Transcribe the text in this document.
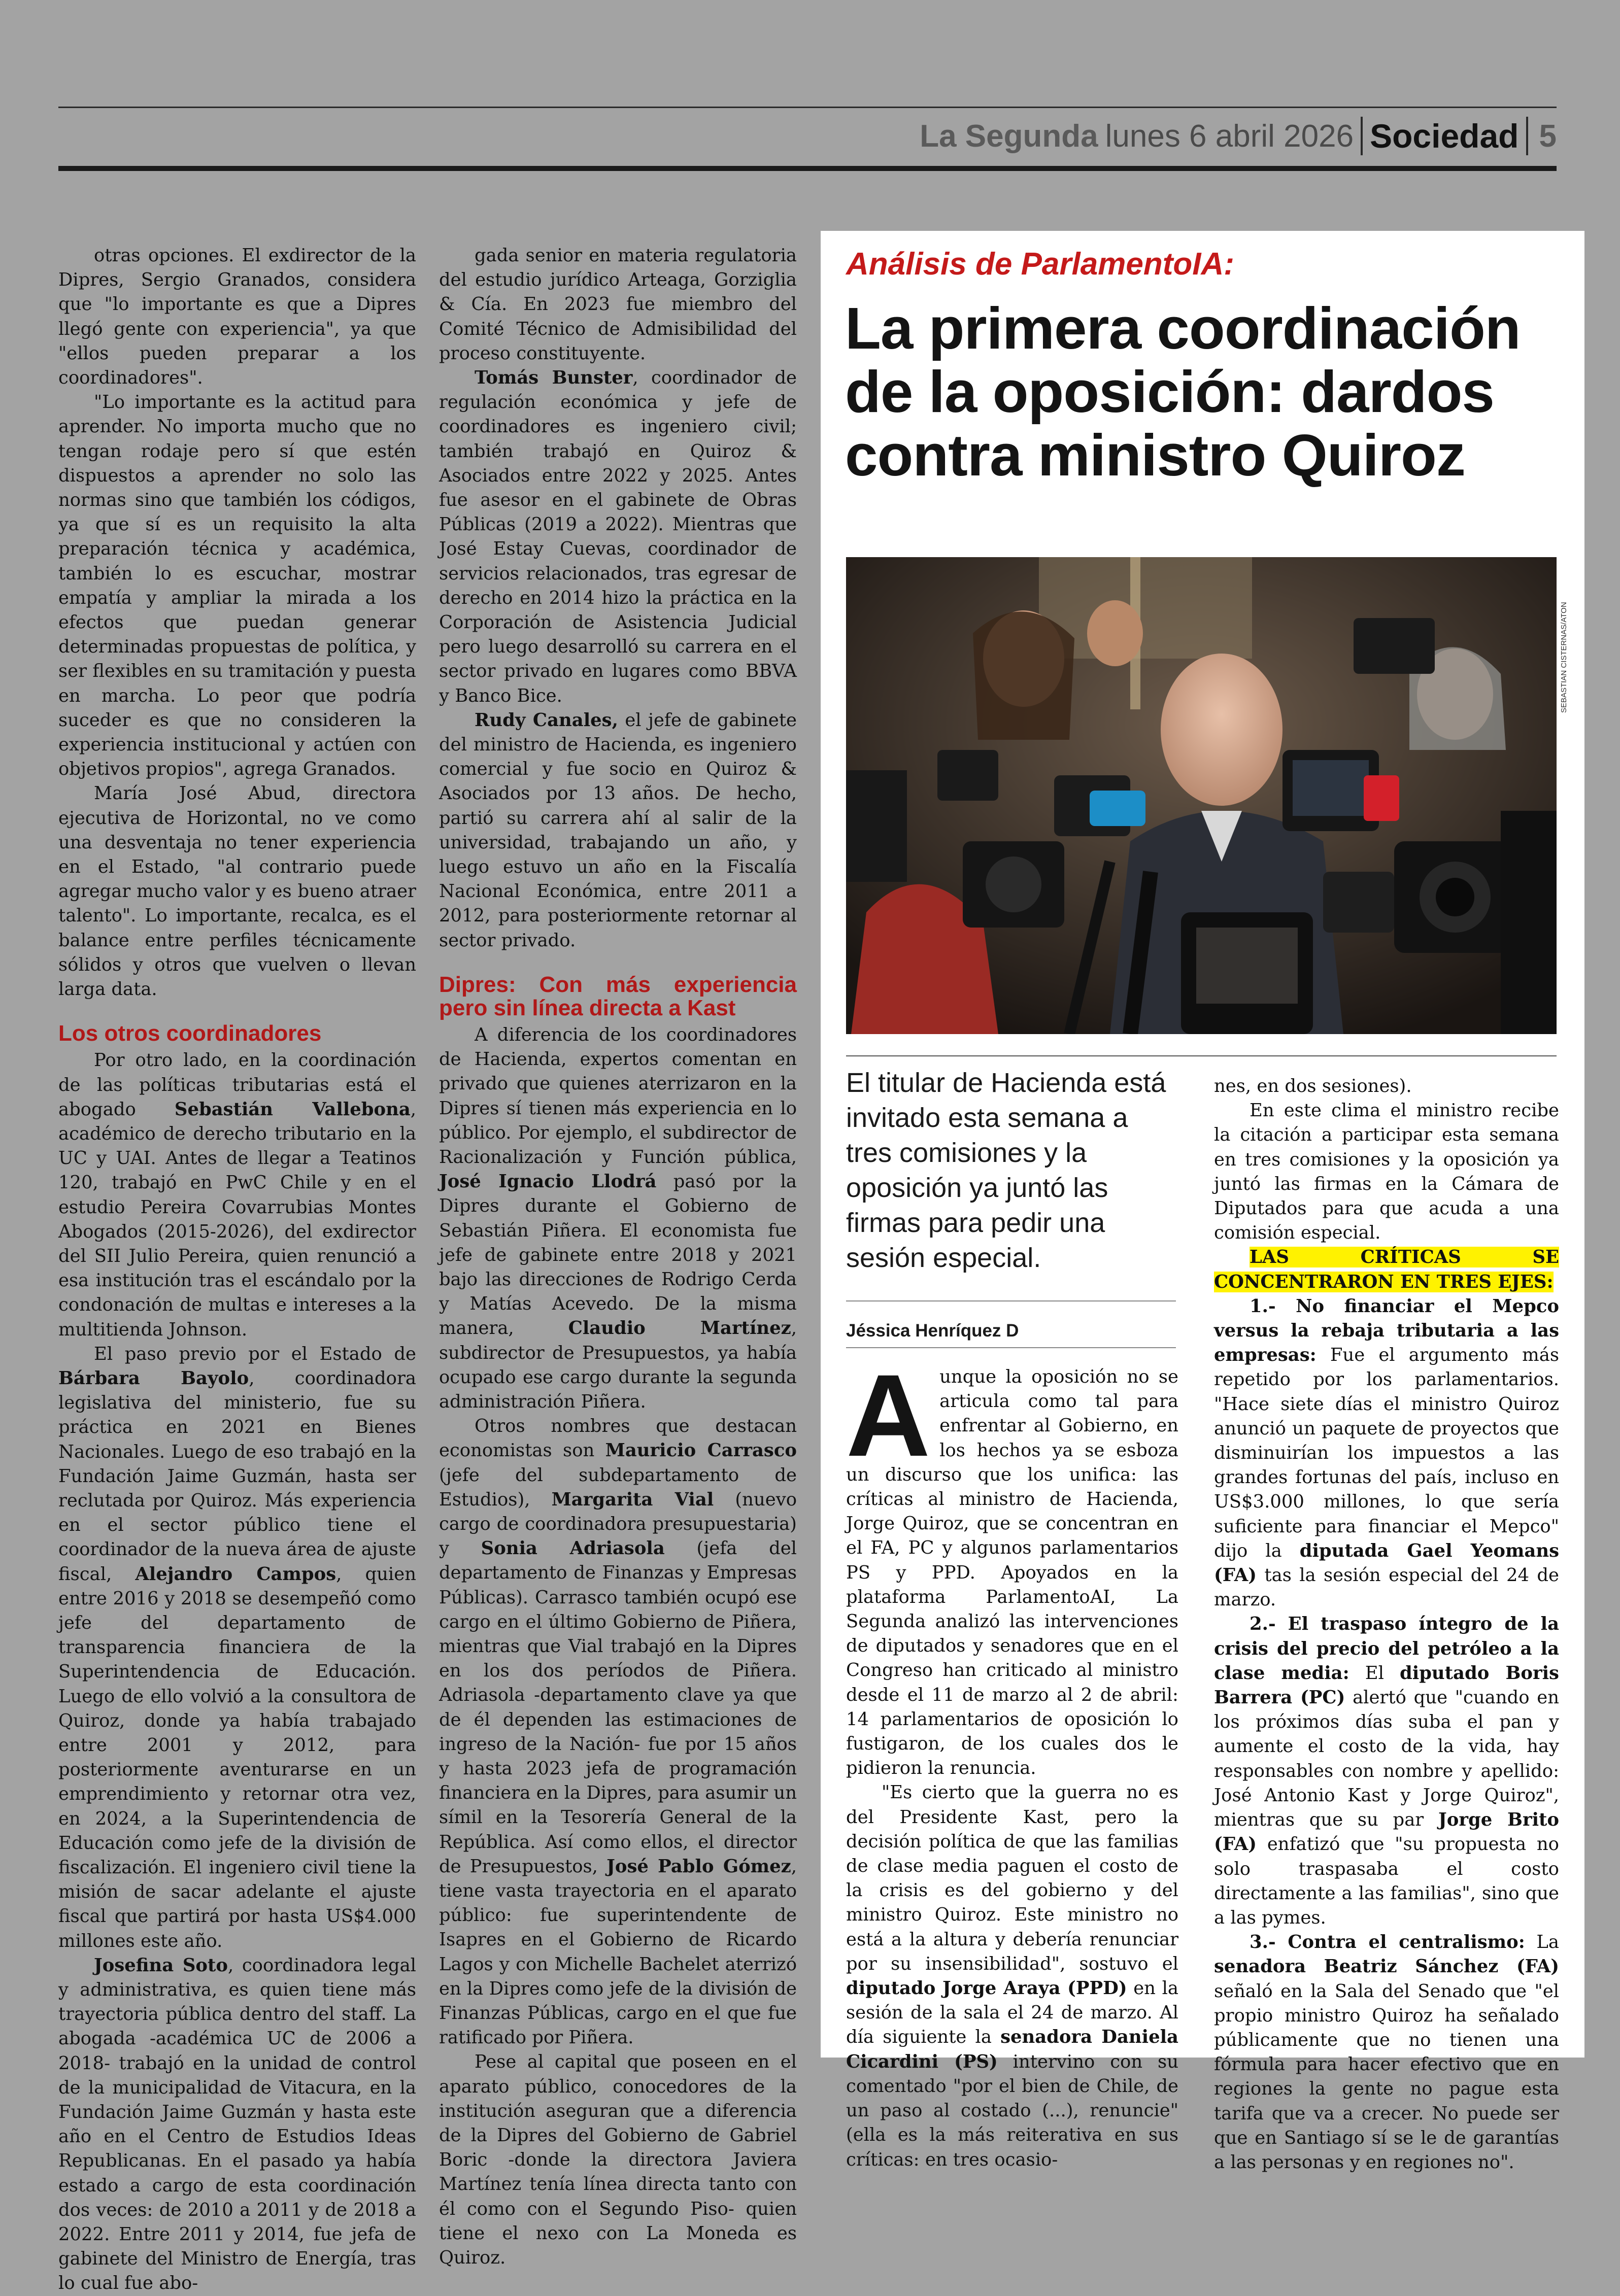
La Segunda lunes 6 abril 2026 Sociedad 5

otras opciones. El exdirector de la Dipres, Sergio Granados, considera que "lo importante es que a Dipres llegó gente con experiencia", ya que "ellos pueden preparar a los coordinadores".

"Lo importante es la actitud para aprender. No importa mucho que no tengan rodaje pero sí que estén dispuestos a aprender no solo las normas sino que también los códigos, ya que sí es un requisito la alta preparación técnica y académica, también lo es escuchar, mostrar empatía y ampliar la mirada a los efectos que puedan generar determinadas propuestas de política, y ser flexibles en su tramitación y puesta en marcha. Lo peor que podría suceder es que no consideren la experiencia institucional y actúen con objetivos propios", agrega Granados.

María José Abud, directora ejecutiva de Horizontal, no ve como una desventaja no tener experiencia en el Estado, "al contrario puede agregar mucho valor y es bueno atraer talento". Lo importante, recalca, es el balance entre perfiles técnicamente sólidos y otros que vuelven o llevan larga data.

Los otros coordinadores

Por otro lado, en la coordinación de las políticas tributarias está el abogado Sebastián Vallebona, académico de derecho tributario en la UC y UAI. Antes de llegar a Teatinos 120, trabajó en PwC Chile y en el estudio Pereira Covarrubias Montes Abogados (2015-2026), del exdirector del SII Julio Pereira, quien renunció a esa institución tras el escándalo por la condonación de multas e intereses a la multitienda Johnson.

El paso previo por el Estado de Bárbara Bayolo, coordinadora legislativa del ministerio, fue su práctica en 2021 en Bienes Nacionales. Luego de eso trabajó en la Fundación Jaime Guzmán, hasta ser reclutada por Quiroz. Más experiencia en el sector público tiene el coordinador de la nueva área de ajuste fiscal, Alejandro Campos, quien entre 2016 y 2018 se desempeñó como jefe del departamento de transparencia financiera de la Superintendencia de Educación. Luego de ello volvió a la consultora de Quiroz, donde ya había trabajado entre 2001 y 2012, para posteriormente aventurarse en un emprendimiento y retornar otra vez, en 2024, a la Superintendencia de Educación como jefe de la división de fiscalización. El ingeniero civil tiene la misión de sacar adelante el ajuste fiscal que partirá por hasta US$4.000 millones este año.

Josefina Soto, coordinadora legal y administrativa, es quien tiene más trayectoria pública dentro del staff. La abogada -académica UC de 2006 a 2018- trabajó en la unidad de control de la municipalidad de Vitacura, en la Fundación Jaime Guzmán y hasta este año en el Centro de Estudios Ideas Republicanas. En el pasado ya había estado a cargo de esta coordinación dos veces: de 2010 a 2011 y de 2018 a 2022. Entre 2011 y 2014, fue jefa de gabinete del Ministro de Energía, tras lo cual fue abo-

gada senior en materia regulatoria del estudio jurídico Arteaga, Gorziglia & Cía. En 2023 fue miembro del Comité Técnico de Admisibilidad del proceso constituyente.

Tomás Bunster, coordinador de regulación económica y jefe de coordinadores es ingeniero civil; también trabajó en Quiroz & Asociados entre 2022 y 2025. Antes fue asesor en el gabinete de Obras Públicas (2019 a 2022). Mientras que José Estay Cuevas, coordinador de servicios relacionados, tras egresar de derecho en 2014 hizo la práctica en la Corporación de Asistencia Judicial pero luego desarrolló su carrera en el sector privado en lugares como BBVA y Banco Bice.

Rudy Canales, el jefe de gabinete del ministro de Hacienda, es ingeniero comercial y fue socio en Quiroz & Asociados por 13 años. De hecho, partió su carrera ahí al salir de la universidad, trabajando un año, y luego estuvo un año en la Fiscalía Nacional Económica, entre 2011 a 2012, para posteriormente retornar al sector privado.

Dipres: Con más experiencia pero sin línea directa a Kast

A diferencia de los coordinadores de Hacienda, expertos comentan en privado que quienes aterrizaron en la Dipres sí tienen más experiencia en lo público. Por ejemplo, el subdirector de Racionalización y Función pública, José Ignacio Llodrá pasó por la Dipres durante el Gobierno de Sebastián Piñera. El economista fue jefe de gabinete entre 2018 y 2021 bajo las direcciones de Rodrigo Cerda y Matías Acevedo. De la misma manera, Claudio Martínez, subdirector de Presupuestos, ya había ocupado ese cargo durante la segunda administración Piñera.

Otros nombres que destacan economistas son Mauricio Carrasco (jefe del subdepartamento de Estudios), Margarita Vial (nuevo cargo de coordinadora presupuestaria) y Sonia Adriasola (jefa del departamento de Finanzas y Empresas Públicas). Carrasco también ocupó ese cargo en el último Gobierno de Piñera, mientras que Vial trabajó en la Dipres en los dos períodos de Piñera. Adriasola -departamento clave ya que de él dependen las estimaciones de ingreso de la Nación- fue por 15 años y hasta 2023 jefa de programación financiera en la Dipres, para asumir un símil en la Tesorería General de la República. Así como ellos, el director de Presupuestos, José Pablo Gómez, tiene vasta trayectoria en el aparato público: fue superintendente de Isapres en el Gobierno de Ricardo Lagos y con Michelle Bachelet aterrizó en la Dipres como jefe de la división de Finanzas Públicas, cargo en el que fue ratificado por Piñera.

Pese al capital que poseen en el aparato público, conocedores de la institución aseguran que a diferencia de la Dipres del Gobierno de Gabriel Boric -donde la directora Javiera Martínez tenía línea directa tanto con él como con el Segundo Piso- quien tiene el nexo con La Moneda es Quiroz.

Análisis de ParlamentoIA:
La primera coordinación de la oposición: dardos contra ministro Quiroz
SEBASTIAN CISTERNAS/ATON
El titular de Hacienda está invitado esta semana a tres comisiones y la oposición ya juntó las firmas para pedir una sesión especial.
Jéssica Henríquez D
A unque la oposición no se articula como tal para enfrentar al Gobierno, en los hechos ya se esboza un discurso que los unifica: las críticas al ministro de Hacienda, Jorge Quiroz, que se concentran en el FA, PC y algunos parlamentarios PS y PPD. Apoyados en la plataforma ParlamentoAI, La Segunda analizó las intervenciones de diputados y senadores que en el Congreso han criticado al ministro desde el 11 de marzo al 2 de abril: 14 parlamentarios de oposición lo fustigaron, de los cuales dos le pidieron la renuncia.

"Es cierto que la guerra no es del Presidente Kast, pero la decisión política de que las familias de clase media paguen el costo de la crisis es del gobierno y del ministro Quiroz. Este ministro no está a la altura y debería renunciar por su insensibilidad", sostuvo el diputado Jorge Araya (PPD) en la sesión de la sala el 24 de marzo. Al día siguiente la senadora Daniela Cicardini (PS) intervino con su comentado "por el bien de Chile, de un paso al costado (...), renuncie" (ella es la más reiterativa en sus críticas: en tres ocasio-

nes, en dos sesiones).

En este clima el ministro recibe la citación a participar esta semana en tres comisiones y la oposición ya juntó las firmas en la Cámara de Diputados para que acuda a una comisión especial.

LAS CRÍTICAS SE CONCENTRARON EN TRES EJES:

1.- No financiar el Mepco versus la rebaja tributaria a las empresas: Fue el argumento más repetido por los parlamentarios. "Hace siete días el ministro Quiroz anunció un paquete de proyectos que disminuirían los impuestos a las grandes fortunas del país, incluso en US$3.000 millones, lo que sería suficiente para financiar el Mepco" dijo la diputada Gael Yeomans (FA) tas la sesión especial del 24 de marzo.

2.- El traspaso íntegro de la crisis del precio del petróleo a la clase media: El diputado Boris Barrera (PC) alertó que "cuando en los próximos días suba el pan y aumente el costo de la vida, hay responsables con nombre y apellido: José Antonio Kast y Jorge Quiroz", mientras que su par Jorge Brito (FA) enfatizó que "su propuesta no solo traspasaba el costo directamente a las familias", sino que a las pymes.

3.- Contra el centralismo: La senadora Beatriz Sánchez (FA) señaló en la Sala del Senado que "el propio ministro Quiroz ha señalado públicamente que no tienen una fórmula para hacer efectivo que en regiones la gente no pague esta tarifa que va a crecer. No puede ser que en Santiago sí se le de garantías a las personas y en regiones no".
